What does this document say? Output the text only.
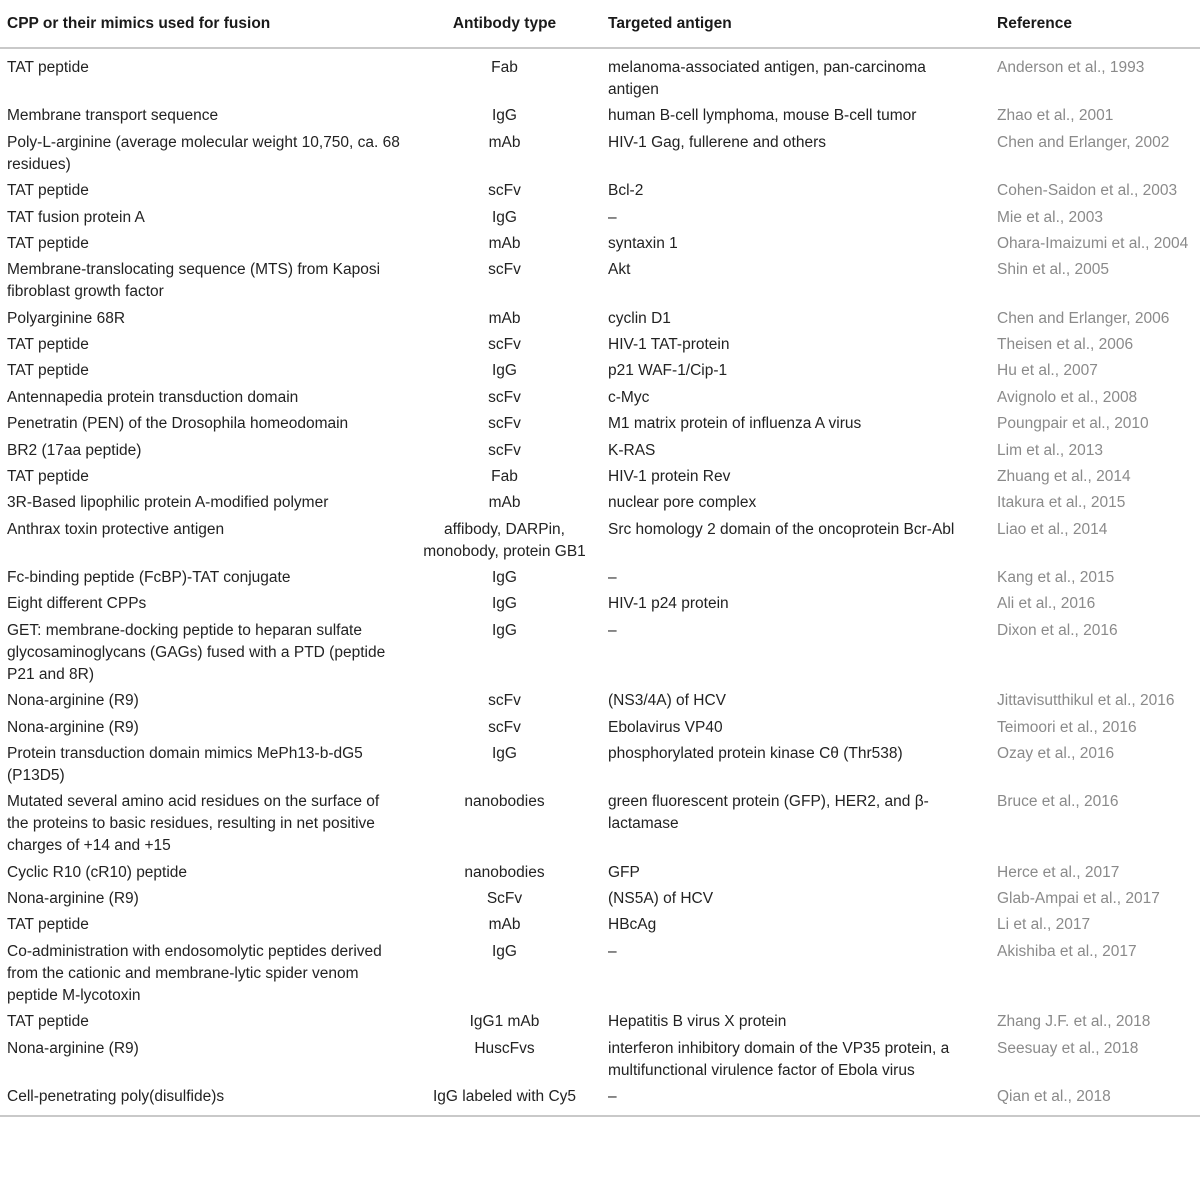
CPP or their mimics used for fusion	Antibody type	Targeted antigen	Reference
TAT peptide	Fab	melanoma-associated antigen, pan-carcinoma antigen	Anderson et al., 1993
Membrane transport sequence	IgG	human B-cell lymphoma, mouse B-cell tumor	Zhao et al., 2001
Poly-L-arginine (average molecular weight 10,750, ca. 68 residues)	mAb	HIV-1 Gag, fullerene and others	Chen and Erlanger, 2002
TAT peptide	scFv	Bcl-2	Cohen-Saidon et al., 2003
TAT fusion protein A	IgG	–	Mie et al., 2003
TAT peptide	mAb	syntaxin 1	Ohara-Imaizumi et al., 2004
Membrane-translocating sequence (MTS) from Kaposi fibroblast growth factor	scFv	Akt	Shin et al., 2005
Polyarginine 68R	mAb	cyclin D1	Chen and Erlanger, 2006
TAT peptide	scFv	HIV-1 TAT-protein	Theisen et al., 2006
TAT peptide	IgG	p21 WAF-1/Cip-1	Hu et al., 2007
Antennapedia protein transduction domain	scFv	c-Myc	Avignolo et al., 2008
Penetratin (PEN) of the Drosophila homeodomain	scFv	M1 matrix protein of influenza A virus	Poungpair et al., 2010
BR2 (17aa peptide)	scFv	K-RAS	Lim et al., 2013
TAT peptide	Fab	HIV-1 protein Rev	Zhuang et al., 2014
3R-Based lipophilic protein A-modified polymer	mAb	nuclear pore complex	Itakura et al., 2015
Anthrax toxin protective antigen	affibody, DARPin, monobody, protein GB1	Src homology 2 domain of the oncoprotein Bcr-Abl	Liao et al., 2014
Fc-binding peptide (FcBP)-TAT conjugate	IgG	–	Kang et al., 2015
Eight different CPPs	IgG	HIV-1 p24 protein	Ali et al., 2016
GET: membrane-docking peptide to heparan sulfate glycosaminoglycans (GAGs) fused with a PTD (peptide P21 and 8R)	IgG	–	Dixon et al., 2016
Nona-arginine (R9)	scFv	(NS3/4A) of HCV	Jittavisutthikul et al., 2016
Nona-arginine (R9)	scFv	Ebolavirus VP40	Teimoori et al., 2016
Protein transduction domain mimics MePh13-b-dG5 (P13D5)	IgG	phosphorylated protein kinase Cθ (Thr538)	Ozay et al., 2016
Mutated several amino acid residues on the surface of the proteins to basic residues, resulting in net positive charges of +14 and +15	nanobodies	green fluorescent protein (GFP), HER2, and β-lactamase	Bruce et al., 2016
Cyclic R10 (cR10) peptide	nanobodies	GFP	Herce et al., 2017
Nona-arginine (R9)	ScFv	(NS5A) of HCV	Glab-Ampai et al., 2017
TAT peptide	mAb	HBcAg	Li et al., 2017
Co-administration with endosomolytic peptides derived from the cationic and membrane-lytic spider venom peptide M-lycotoxin	IgG	–	Akishiba et al., 2017
TAT peptide	IgG1 mAb	Hepatitis B virus X protein	Zhang J.F. et al., 2018
Nona-arginine (R9)	HuscFvs	interferon inhibitory domain of the VP35 protein, a multifunctional virulence factor of Ebola virus	Seesuay et al., 2018
Cell-penetrating poly(disulfide)s	IgG labeled with Cy5	–	Qian et al., 2018
